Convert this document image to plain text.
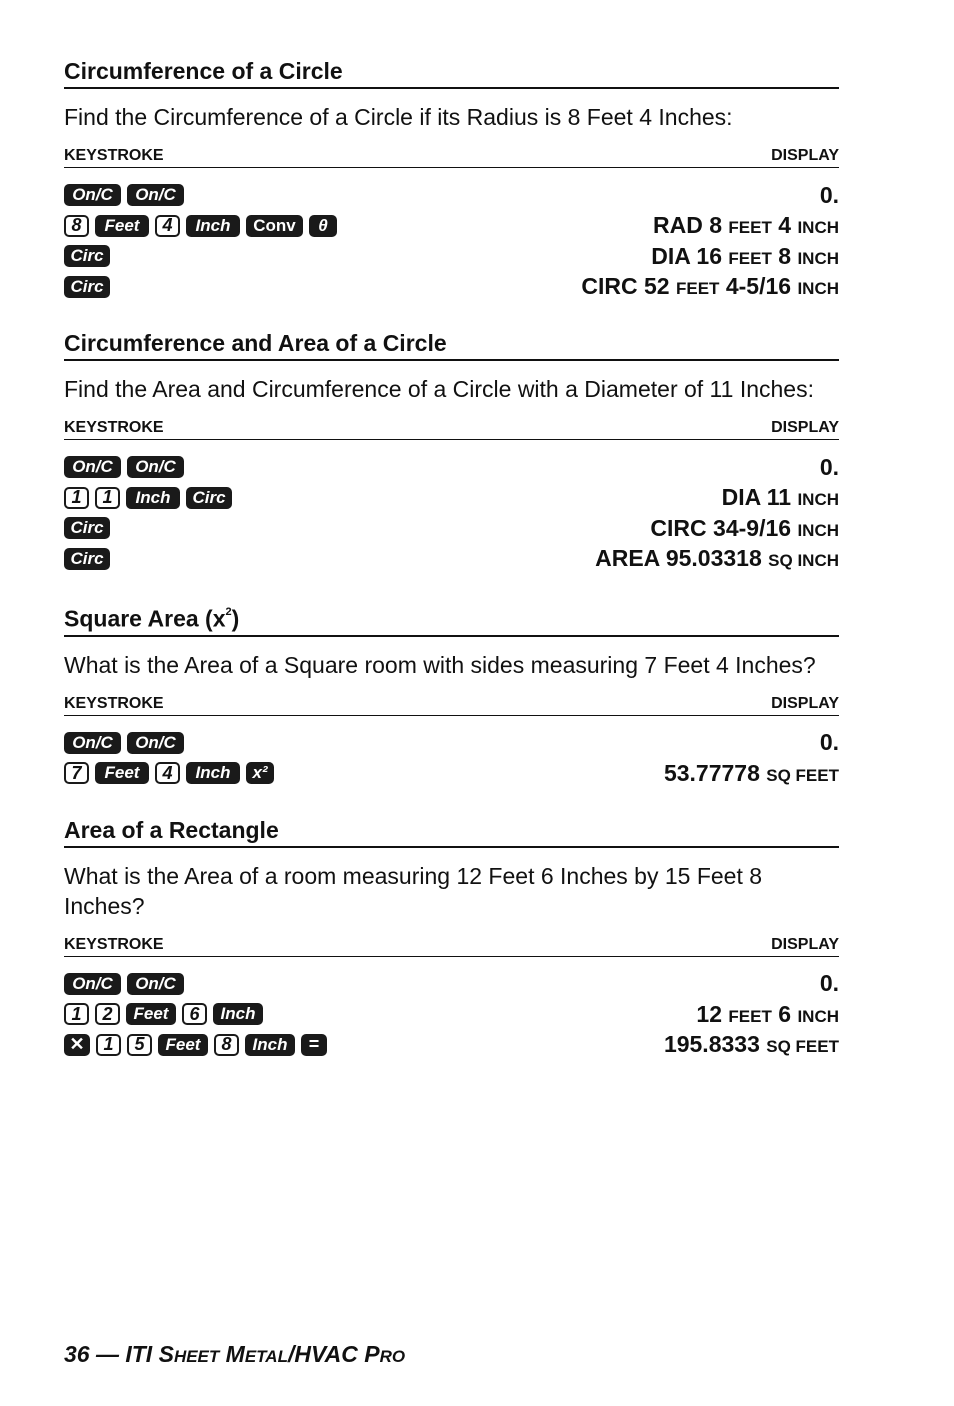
Circumference of a Circle

Find the Circumference of a Circle if its Radius is 8 Feet 4 Inches:

KEYSTROKE	DISPLAY
On/C	On/C	0.
8	Feet	4	Inch	Conv	θ	RAD 8 FEET 4 INCH
Circ	DIA 16 FEET 8 INCH
Circ	CIRC 52 FEET 4-5/16 INCH
Circumference and Area of a Circle

Find the Area and Circumference of a Circle with a Diameter of 11 Inches:

KEYSTROKE	DISPLAY
On/C	On/C	0.
1	1	Inch	Circ	DIA 11 INCH
Circ	CIRC 34-9/16 INCH
Circ	AREA 95.03318 SQ INCH
Square Area $(x^2)$

What is the Area of a Square room with sides measuring 7 Feet 4 Inches?

KEYSTROKE	DISPLAY
On/C	On/C	0.
7	Feet	4	Inch	x²	53.77778 SQ FEET
Area of a Rectangle

What is the Area of a room measuring 12 Feet 6 Inches by 15 Feet 8 Inches?

KEYSTROKE	DISPLAY
On/C	On/C	0.
1	2	Feet	6	Inch	12 FEET 6 INCH
✕	1	5	Feet	8	Inch	=	195.8333 SQ FEET
36 — ITI SHEET METAL/HVAC PRO
